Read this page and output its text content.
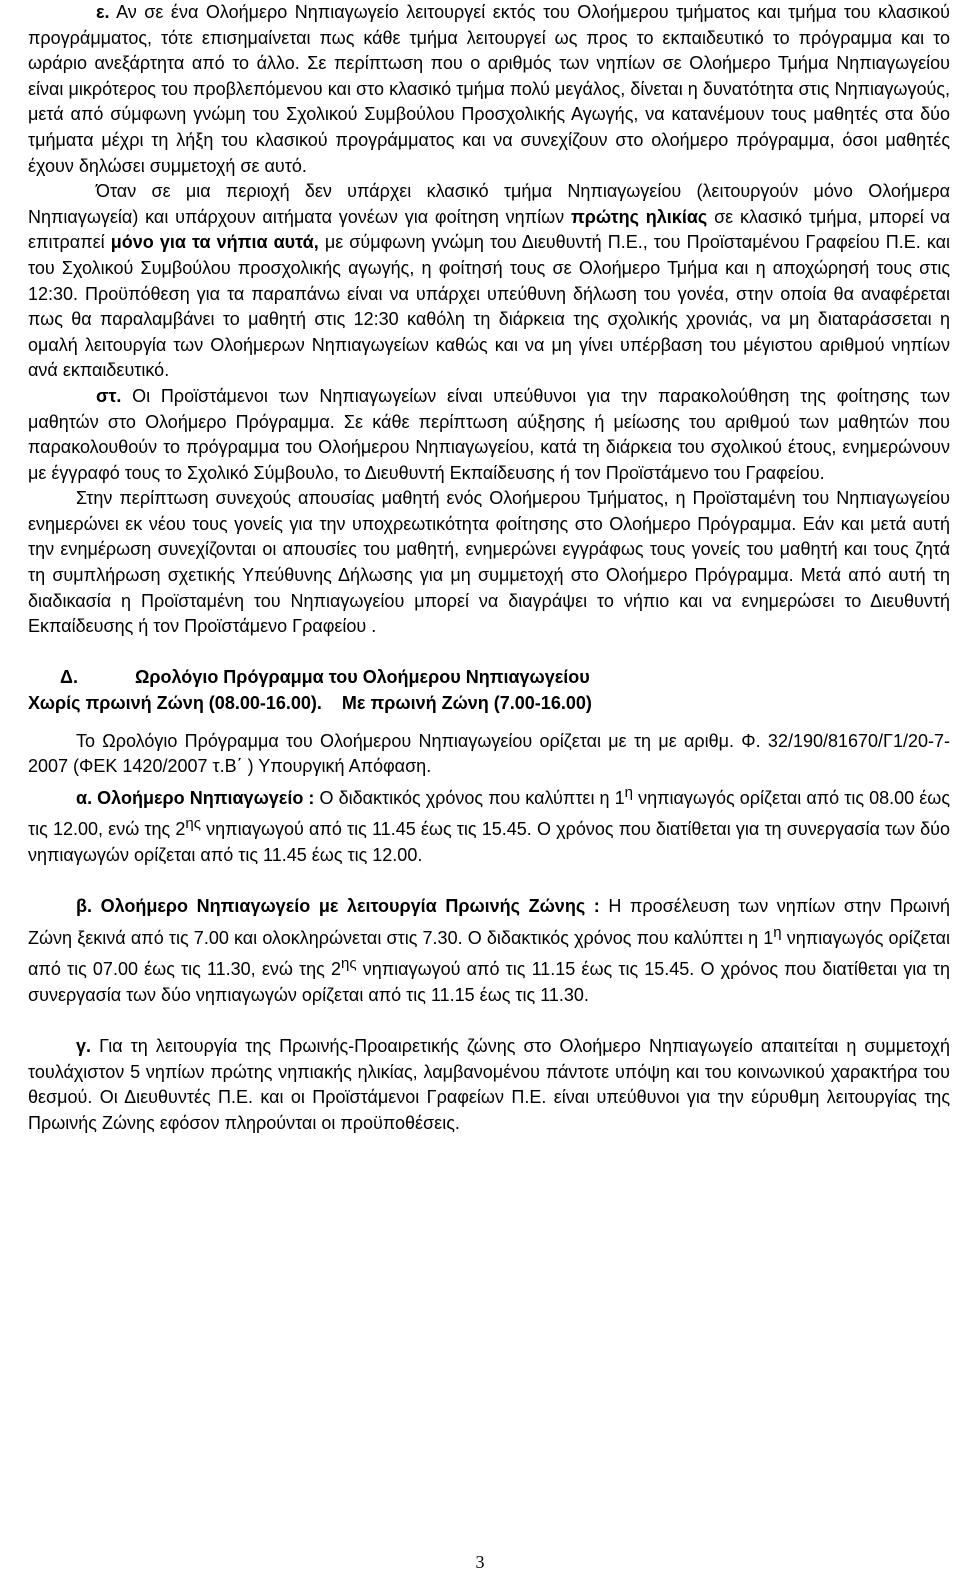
ε. Αν σε ένα Ολοήμερο Νηπιαγωγείο λειτουργεί εκτός του Ολοήμερου τμήματος και τμήμα του κλασικού προγράμματος, τότε επισημαίνεται πως κάθε τμήμα λειτουργεί ως προς το εκπαιδευτικό το πρόγραμμα και το ωράριο ανεξάρτητα από το άλλο. Σε περίπτωση που ο αριθμός των νηπίων σε Ολοήμερο Τμήμα Νηπιαγωγείου είναι μικρότερος του προβλεπόμενου και στο κλασικό τμήμα πολύ μεγάλος, δίνεται η δυνατότητα στις Νηπιαγωγούς, μετά από σύμφωνη γνώμη του Σχολικού Συμβούλου Προσχολικής Αγωγής, να κατανέμουν τους μαθητές στα δύο τμήματα μέχρι τη λήξη του κλασικού προγράμματος και να συνεχίζουν στο ολοήμερο πρόγραμμα, όσοι μαθητές έχουν δηλώσει συμμετοχή σε αυτό.

Όταν σε μια περιοχή δεν υπάρχει κλασικό τμήμα Νηπιαγωγείου (λειτουργούν μόνο Ολοήμερα Νηπιαγωγεία) και υπάρχουν αιτήματα γονέων για φοίτηση νηπίων πρώτης ηλικίας σε κλασικό τμήμα, μπορεί να επιτραπεί μόνο για τα νήπια αυτά, με σύμφωνη γνώμη του Διευθυντή Π.Ε., του Προϊσταμένου Γραφείου Π.Ε. και του Σχολικού Συμβούλου προσχολικής αγωγής, η φοίτησή τους σε Ολοήμερο Τμήμα και η αποχώρησή τους στις 12:30. Προϋπόθεση για τα παραπάνω είναι να υπάρχει υπεύθυνη δήλωση του γονέα, στην οποία θα αναφέρεται πως θα παραλαμβάνει το μαθητή στις 12:30 καθόλη τη διάρκεια της σχολικής χρονιάς, να μη διαταράσσεται η ομαλή λειτουργία των Ολοήμερων Νηπιαγωγείων καθώς και να μη γίνει υπέρβαση του μέγιστου αριθμού νηπίων ανά εκπαιδευτικό.

στ. Οι Προϊστάμενοι των Νηπιαγωγείων είναι υπεύθυνοι για την παρακολούθηση της φοίτησης των μαθητών στο Ολοήμερο Πρόγραμμα. Σε κάθε περίπτωση αύξησης ή μείωσης του αριθμού των μαθητών που παρακολουθούν το πρόγραμμα του Ολοήμερου Νηπιαγωγείου, κατά τη διάρκεια του σχολικού έτους, ενημερώνουν με έγγραφό τους το Σχολικό Σύμβουλο, το Διευθυντή Εκπαίδευσης ή τον Προϊστάμενο του Γραφείου.

Στην περίπτωση συνεχούς απουσίας μαθητή ενός Ολοήμερου Τμήματος, η Προϊσταμένη του Νηπιαγωγείου ενημερώνει εκ νέου τους γονείς για την υποχρεωτικότητα φοίτησης στο Ολοήμερο Πρόγραμμα. Εάν και μετά αυτή την ενημέρωση συνεχίζονται οι απουσίες του μαθητή, ενημερώνει εγγράφως τους γονείς του μαθητή και τους ζητά τη συμπλήρωση σχετικής Υπεύθυνης Δήλωσης για μη συμμετοχή στο Ολοήμερο Πρόγραμμα. Μετά από αυτή τη διαδικασία η Προϊσταμένη του Νηπιαγωγείου μπορεί να διαγράψει το νήπιο και να ενημερώσει το Διευθυντή Εκπαίδευσης ή τον Προϊστάμενο Γραφείου .

Δ.	Ωρολόγιο Πρόγραμμα του Ολοήμερου Νηπιαγωγείου

Χωρίς πρωινή Ζώνη (08.00-16.00). Με πρωινή Ζώνη (7.00-16.00)

Το Ωρολόγιο Πρόγραμμα του Ολοήμερου Νηπιαγωγείου ορίζεται με τη με αριθμ. Φ. 32/190/81670/Γ1/20-7-2007 (ΦΕΚ 1420/2007 τ.Β΄ ) Υπουργική Απόφαση.

α. Ολοήμερο Νηπιαγωγείο : Ο διδακτικός χρόνος που καλύπτει η $1^\eta$ νηπιαγωγός ορίζεται από τις 08.00 έως τις 12.00, ενώ της $2^{\eta\varsigma}$ νηπιαγωγού από τις 11.45 έως τις 15.45. Ο χρόνος που διατίθεται για τη συνεργασία των δύο νηπιαγωγών ορίζεται από τις 11.45 έως τις 12.00.

β. Ολοήμερο Νηπιαγωγείο με λειτουργία Πρωινής Ζώνης : Η προσέλευση των νηπίων στην Πρωινή Ζώνη ξεκινά από τις 7.00 και ολοκληρώνεται στις 7.30. Ο διδακτικός χρόνος που καλύπτει η $1^\eta$ νηπιαγωγός ορίζεται από τις 07.00 έως τις 11.30, ενώ της $2^{\eta\varsigma}$ νηπιαγωγού από τις 11.15 έως τις 15.45. Ο χρόνος που διατίθεται για τη συνεργασία των δύο νηπιαγωγών ορίζεται από τις 11.15 έως τις 11.30.

γ. Για τη λειτουργία της Πρωινής-Προαιρετικής ζώνης στο Ολοήμερο Νηπιαγωγείο απαιτείται η συμμετοχή τουλάχιστον 5 νηπίων πρώτης νηπιακής ηλικίας, λαμβανομένου πάντοτε υπόψη και του κοινωνικού χαρακτήρα του θεσμού. Οι Διευθυντές Π.Ε. και οι Προϊστάμενοι Γραφείων Π.Ε. είναι υπεύθυνοι για την εύρυθμη λειτουργίας της Πρωινής Ζώνης εφόσον πληρούνται οι προϋποθέσεις.

3
